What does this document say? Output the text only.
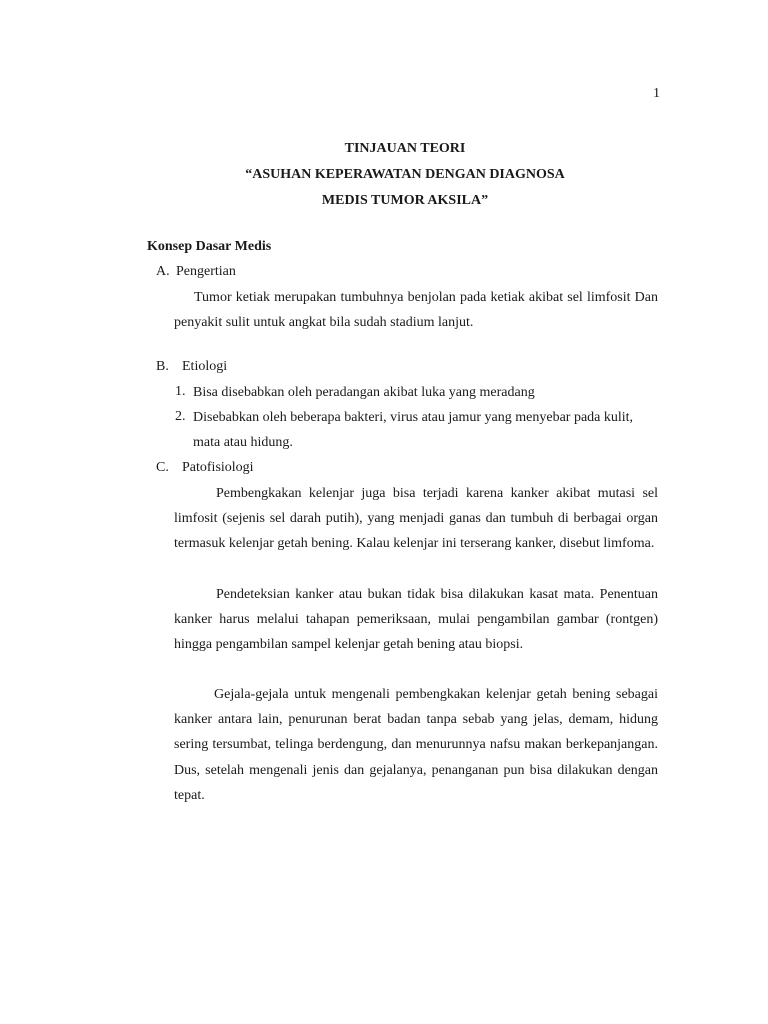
1
TINJAUAN TEORI
“ASUHAN KEPERAWATAN DENGAN DIAGNOSA
MEDIS TUMOR AKSILA”
Konsep Dasar Medis
A. Pengertian
Tumor ketiak merupakan tumbuhnya benjolan pada ketiak akibat sel limfosit Dan penyakit sulit untuk angkat bila sudah stadium lanjut.
B. Etiologi
1. Bisa disebabkan oleh peradangan akibat luka yang meradang
2. Disebabkan oleh beberapa bakteri, virus atau jamur yang menyebar pada kulit, mata atau hidung.
C. Patofisiologi
Pembengkakan kelenjar juga bisa terjadi karena kanker akibat mutasi sel limfosit (sejenis sel darah putih), yang menjadi ganas dan tumbuh di berbagai organ termasuk kelenjar getah bening. Kalau kelenjar ini terserang kanker, disebut limfoma.
Pendeteksian kanker atau bukan tidak bisa dilakukan kasat mata. Penentuan kanker harus melalui tahapan pemeriksaan, mulai pengambilan gambar (rontgen) hingga pengambilan sampel kelenjar getah bening atau biopsi.
Gejala-gejala untuk mengenali pembengkakan kelenjar getah bening sebagai kanker antara lain, penurunan berat badan tanpa sebab yang jelas, demam, hidung sering tersumbat, telinga berdengung, dan menurunnya nafsu makan berkepanjangan. Dus, setelah mengenali jenis dan gejalanya, penanganan pun bisa dilakukan dengan tepat.
